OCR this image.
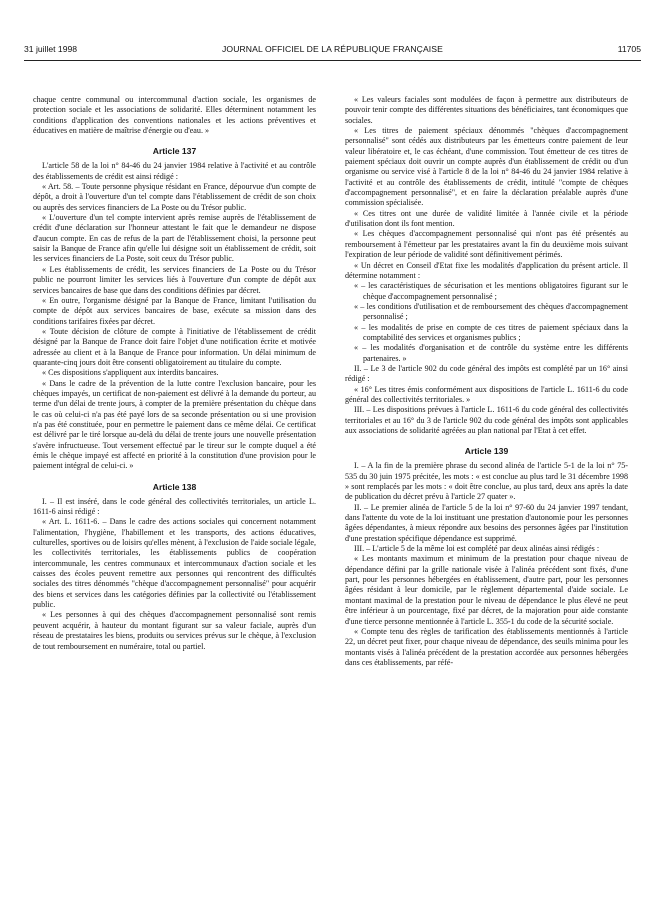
31 juillet 1998	JOURNAL OFFICIEL DE LA RÉPUBLIQUE FRANÇAISE	11705

chaque centre communal ou intercommunal d'action sociale, les organismes de protection sociale et les associations de solidarité. Elles déterminent notamment les conditions d'application des conventions nationales et les actions préventives et éducatives en matière de maîtrise d'énergie ou d'eau. »

Article 137

L'article 58 de la loi n° 84-46 du 24 janvier 1984 relative à l'activité et au contrôle des établissements de crédit est ainsi rédigé :

« Art. 58. – Toute personne physique résidant en France, dépourvue d'un compte de dépôt, a droit à l'ouverture d'un tel compte dans l'établissement de crédit de son choix ou auprès des services financiers de La Poste ou du Trésor public.

« L'ouverture d'un tel compte intervient après remise auprès de l'établissement de crédit d'une déclaration sur l'honneur attestant le fait que le demandeur ne dispose d'aucun compte. En cas de refus de la part de l'établissement choisi, la personne peut saisir la Banque de France afin qu'elle lui désigne soit un établissement de crédit, soit les services financiers de La Poste, soit ceux du Trésor public.

« Les établissements de crédit, les services financiers de La Poste ou du Trésor public ne pourront limiter les services liés à l'ouverture d'un compte de dépôt aux services bancaires de base que dans des conditions définies par décret.

« En outre, l'organisme désigné par la Banque de France, limitant l'utilisation du compte de dépôt aux services bancaires de base, exécute sa mission dans des conditions tarifaires fixées par décret.

« Toute décision de clôture de compte à l'initiative de l'établissement de crédit désigné par la Banque de France doit faire l'objet d'une notification écrite et motivée adressée au client et à la Banque de France pour information. Un délai minimum de quarante-cinq jours doit être consenti obligatoirement au titulaire du compte.

« Ces dispositions s'appliquent aux interdits bancaires.

« Dans le cadre de la prévention de la lutte contre l'exclusion bancaire, pour les chèques impayés, un certificat de non-paiement est délivré à la demande du porteur, au terme d'un délai de trente jours, à compter de la première présentation du chèque dans le cas où celui-ci n'a pas été payé lors de sa seconde présentation ou si une provision n'a pas été constituée, pour en permettre le paiement dans ce même délai. Ce certificat est délivré par le tiré lorsque au-delà du délai de trente jours une nouvelle présentation s'avère infructueuse. Tout versement effectué par le tireur sur le compte duquel a été émis le chèque impayé est affecté en priorité à la constitution d'une provision pour le paiement intégral de celui-ci. »

Article 138

I. – Il est inséré, dans le code général des collectivités territoriales, un article L. 1611-6 ainsi rédigé :

« Art. L. 1611-6. – Dans le cadre des actions sociales qui concernent notamment l'alimentation, l'hygiène, l'habillement et les transports, des actions éducatives, culturelles, sportives ou de loisirs qu'elles mènent, à l'exclusion de l'aide sociale légale, les collectivités territoriales, les établissements publics de coopération intercommunale, les centres communaux et intercommunaux d'action sociale et les caisses des écoles peuvent remettre aux personnes qui rencontrent des difficultés sociales des titres dénommés "chèque d'accompagnement personnalisé" pour acquérir des biens et services dans les catégories définies par la collectivité ou l'établissement public.

« Les personnes à qui des chèques d'accompagnement personnalisé sont remis peuvent acquérir, à hauteur du montant figurant sur sa valeur faciale, auprès d'un réseau de prestataires les biens, produits ou services prévus sur le chèque, à l'exclusion de tout remboursement en numéraire, total ou partiel.

« Les valeurs faciales sont modulées de façon à permettre aux distributeurs de pouvoir tenir compte des différentes situations des bénéficiaires, tant économiques que sociales.

« Les titres de paiement spéciaux dénommés "chèques d'accompagnement personnalisé" sont cédés aux distributeurs par les émetteurs contre paiement de leur valeur libératoire et, le cas échéant, d'une commission. Tout émetteur de ces titres de paiement spéciaux doit ouvrir un compte auprès d'un établissement de crédit ou d'un organisme ou service visé à l'article 8 de la loi n° 84-46 du 24 janvier 1984 relative à l'activité et au contrôle des établissements de crédit, intitulé "compte de chèques d'accompagnement personnalisé", et en faire la déclaration préalable auprès d'une commission spécialisée.

« Ces titres ont une durée de validité limitée à l'année civile et la période d'utilisation dont ils font mention.

« Les chèques d'accompagnement personnalisé qui n'ont pas été présentés au remboursement à l'émetteur par les prestataires avant la fin du deuxième mois suivant l'expiration de leur période de validité sont définitivement périmés.

« Un décret en Conseil d'Etat fixe les modalités d'application du présent article. Il détermine notamment :

« – les caractéristiques de sécurisation et les mentions obligatoires figurant sur le chèque d'accompagnement personnalisé ;

« – les conditions d'utilisation et de remboursement des chèques d'accompagnement personnalisé ;

« – les modalités de prise en compte de ces titres de paiement spéciaux dans la comptabilité des services et organismes publics ;

« – les modalités d'organisation et de contrôle du système entre les différents partenaires. »

II. – Le 3 de l'article 902 du code général des impôts est complété par un 16° ainsi rédigé :

« 16° Les titres émis conformément aux dispositions de l'article L. 1611-6 du code général des collectivités territoriales. »

III. – Les dispositions prévues à l'article L. 1611-6 du code général des collectivités territoriales et au 16° du 3 de l'article 902 du code général des impôts sont applicables aux associations de solidarité agréées au plan national par l'Etat à cet effet.

Article 139

I. – A la fin de la première phrase du second alinéa de l'article 5-1 de la loi n° 75-535 du 30 juin 1975 précitée, les mots : « est conclue au plus tard le 31 décembre 1998 » sont remplacés par les mots : « doit être conclue, au plus tard, deux ans après la date de publication du décret prévu à l'article 27 quater ».

II. – Le premier alinéa de l'article 5 de la loi n° 97-60 du 24 janvier 1997 tendant, dans l'attente du vote de la loi instituant une prestation d'autonomie pour les personnes âgées dépendantes, à mieux répondre aux besoins des personnes âgées par l'institution d'une prestation spécifique dépendance est supprimé.

III. – L'article 5 de la même loi est complété par deux alinéas ainsi rédigés :

« Les montants maximum et minimum de la prestation pour chaque niveau de dépendance défini par la grille nationale visée à l'alinéa précédent sont fixés, d'une part, pour les personnes hébergées en établissement, d'autre part, pour les personnes âgées résidant à leur domicile, par le règlement départemental d'aide sociale. Le montant maximal de la prestation pour le niveau de dépendance le plus élevé ne peut être inférieur à un pourcentage, fixé par décret, de la majoration pour aide constante d'une tierce personne mentionnée à l'article L. 355-1 du code de la sécurité sociale.

« Compte tenu des règles de tarification des établissements mentionnés à l'article 22, un décret peut fixer, pour chaque niveau de dépendance, des seuils minima pour les montants visés à l'alinéa précédent de la prestation accordée aux personnes hébergées dans ces établissements, par réfé-
